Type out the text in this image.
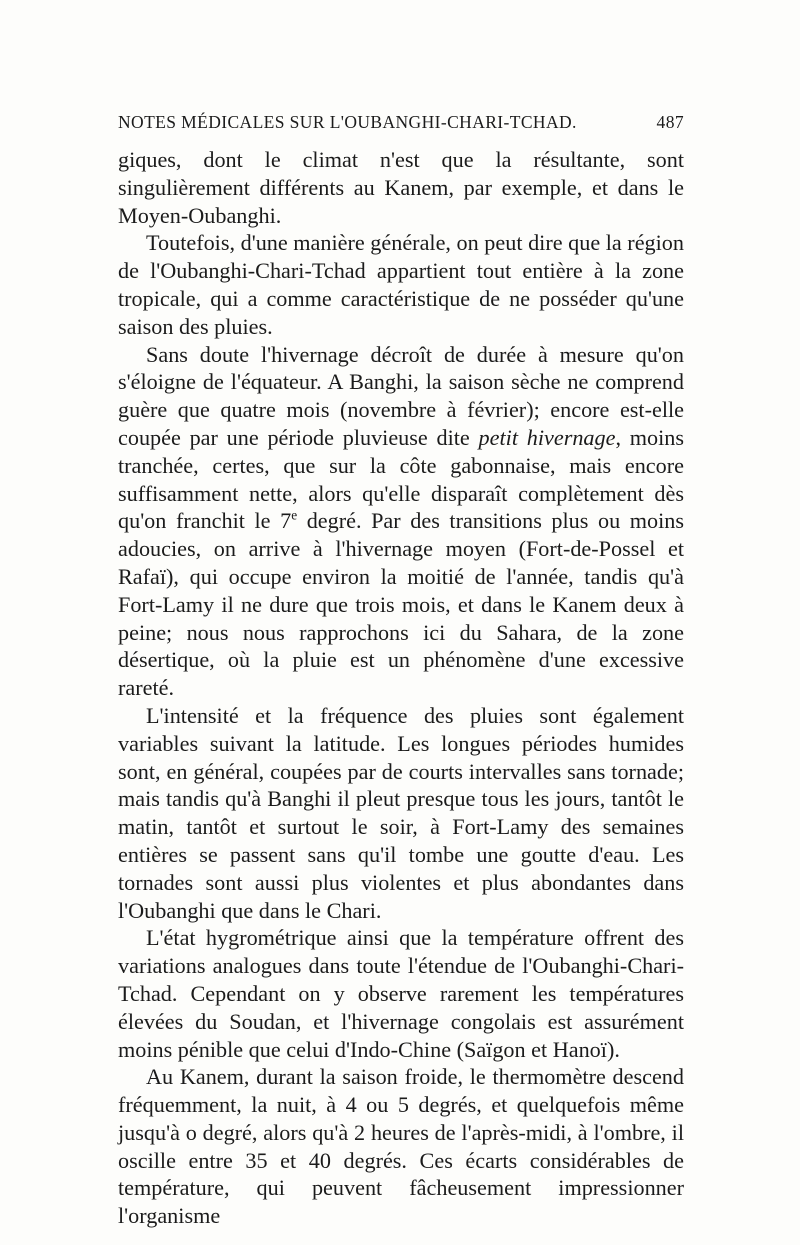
NOTES MÉDICALES SUR L'OUBANGHI-CHARI-TCHAD.	487

giques, dont le climat n'est que la résultante, sont singulièrement différents au Kanem, par exemple, et dans le Moyen-Oubanghi.

Toutefois, d'une manière générale, on peut dire que la région de l'Oubanghi-Chari-Tchad appartient tout entière à la zone tropicale, qui a comme caractéristique de ne posséder qu'une saison des pluies.

Sans doute l'hivernage décroît de durée à mesure qu'on s'éloigne de l'équateur. A Banghi, la saison sèche ne comprend guère que quatre mois (novembre à février); encore est-elle coupée par une période pluvieuse dite petit hivernage, moins tranchée, certes, que sur la côte gabonnaise, mais encore suffisamment nette, alors qu'elle disparaît complètement dès qu'on franchit le 7e degré. Par des transitions plus ou moins adoucies, on arrive à l'hivernage moyen (Fort-de-Possel et Rafaï), qui occupe environ la moitié de l'année, tandis qu'à Fort-Lamy il ne dure que trois mois, et dans le Kanem deux à peine; nous nous rapprochons ici du Sahara, de la zone désertique, où la pluie est un phénomène d'une excessive rareté.

L'intensité et la fréquence des pluies sont également variables suivant la latitude. Les longues périodes humides sont, en général, coupées par de courts intervalles sans tornade; mais tandis qu'à Banghi il pleut presque tous les jours, tantôt le matin, tantôt et surtout le soir, à Fort-Lamy des semaines entières se passent sans qu'il tombe une goutte d'eau. Les tornades sont aussi plus violentes et plus abondantes dans l'Oubanghi que dans le Chari.

L'état hygrométrique ainsi que la température offrent des variations analogues dans toute l'étendue de l'Oubanghi-Chari-Tchad. Cependant on y observe rarement les températures élevées du Soudan, et l'hivernage congolais est assurément moins pénible que celui d'Indo-Chine (Saïgon et Hanoï).

Au Kanem, durant la saison froide, le thermomètre descend fréquemment, la nuit, à 4 ou 5 degrés, et quelquefois même jusqu'à o degré, alors qu'à 2 heures de l'après-midi, à l'ombre, il oscille entre 35 et 40 degrés. Ces écarts considérables de température, qui peuvent fâcheusement impressionner l'organisme
